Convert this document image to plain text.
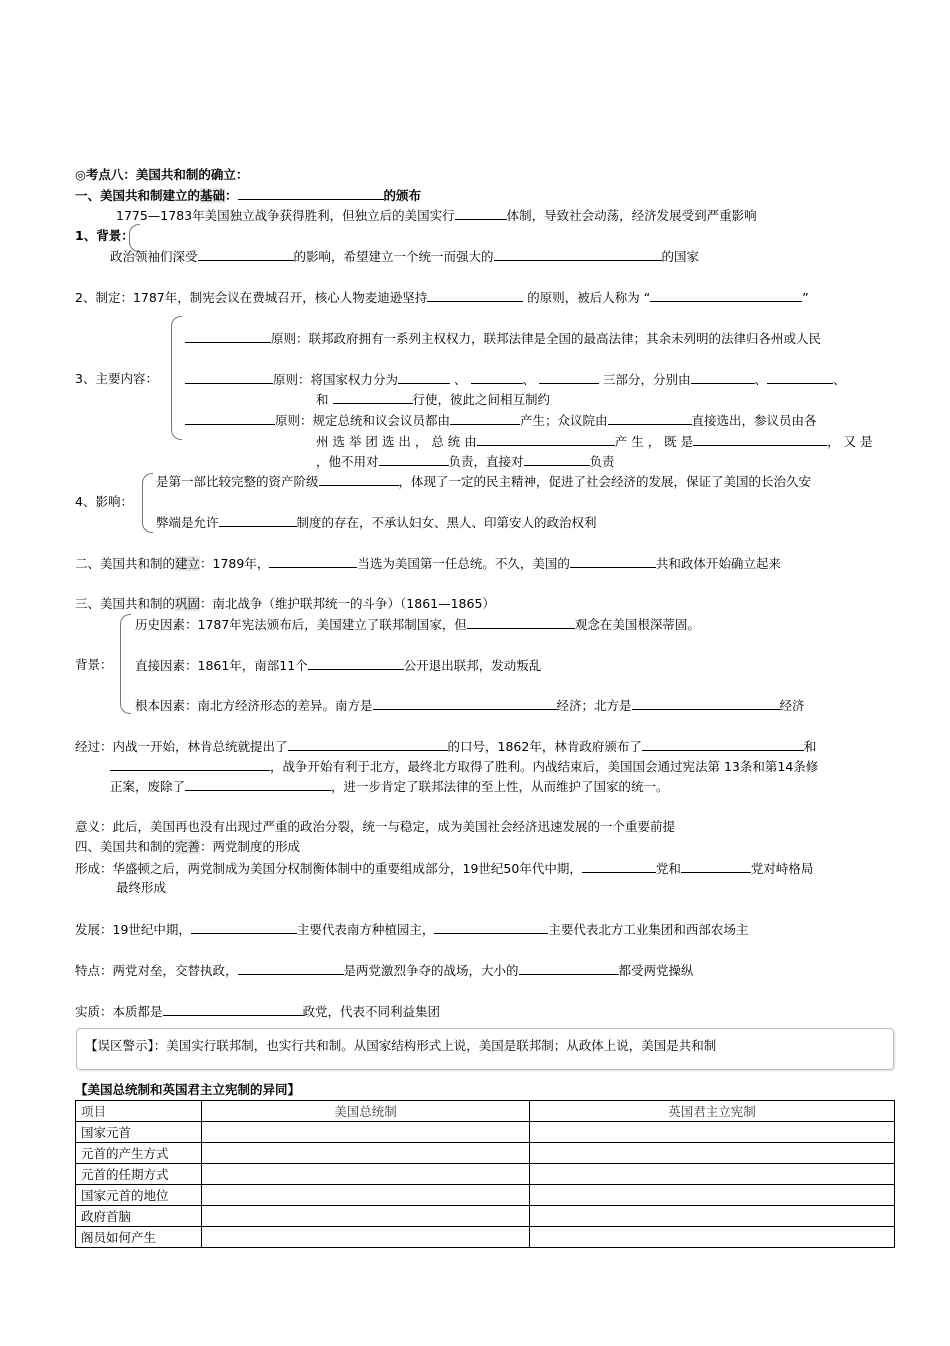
◎考点八：美国共和制的确立：
一、美国共和制建立的基础：	的颁布
1775—1783年美国独立战争获得胜利，但独立后的美国实行	体制，导致社会动荡，经济发展受到严重影响
1、背景：
政治领袖们深受	的影响，希望建立一个统一而强大的	的国家
2、制定：1787年，制宪会议在费城召开，核心人物麦迪逊坚持	的原则，被后人称为 “	”
原则：联邦政府拥有一系列主权权力，联邦法律是全国的最高法律；其余未列明的法律归各州或人民
3、主要内容：	原则：将国家权力分为	、	、	三部分，分别由	、	、
和	行使，彼此之间相互制约
原则：规定总统和议会议员都由	产生；众议院由	直接选出，参议员由各
州 选 举 团 选 出 ， 总 统 由	产 生 ， 既 是	， 又 是
，他不用对	负责，直接对	负责
是第一部比较完整的资产阶级	，体现了一定的民主精神，促进了社会经济的发展，保证了美国的长治久安
4、影响：
弊端是允许	制度的存在，不承认妇女、黑人、印第安人的政治权利
二、美国共和制的建立：1789年，	当选为美国第一任总统。不久，美国的	共和政体开始确立起来
三、美国共和制的巩固：南北战争（维护联邦统一的斗争）（1861—1865）
历史因素：1787年宪法颁布后，美国建立了联邦制国家，但	观念在美国根深蒂固。
背景： 直接因素：1861年，南部11个	公开退出联邦，发动叛乱
根本因素：南北方经济形态的差异。南方是	经济；北方是	经济
经过：内战一开始，林肯总统就提出了	的口号，1862年，林肯政府颁布了	和
，战争开始有利于北方，最终北方取得了胜利。内战结束后，美国国会通过宪法第 13条和第14条修
正案，废除了	，进一步肯定了联邦法律的至上性，从而维护了国家的统一。
意义：此后，美国再也没有出现过严重的政治分裂，统一与稳定，成为美国社会经济迅速发展的一个重要前提
四、美国共和制的完善：两党制度的形成
形成：华盛顿之后，两党制成为美国分权制衡体制中的重要组成部分，19世纪50年代中期，	党和	党对峙格局
最终形成
发展：19世纪中期，	主要代表南方种植园主，	主要代表北方工业集团和西部农场主
特点：两党对垒，交替执政，	是两党激烈争夺的战场，大小的	都受两党操纵
实质：本质都是	政党，代表不同利益集团
【误区警示】：美国实行联邦制，也实行共和制。从国家结构形式上说，美国是联邦制；从政体上说，美国是共和制
【美国总统制和英国君主立宪制的异同】
项目	美国总统制	英国君主立宪制
国家元首		
元首的产生方式		
元首的任期方式		
国家元首的地位		
政府首脑		
阁员如何产生		
